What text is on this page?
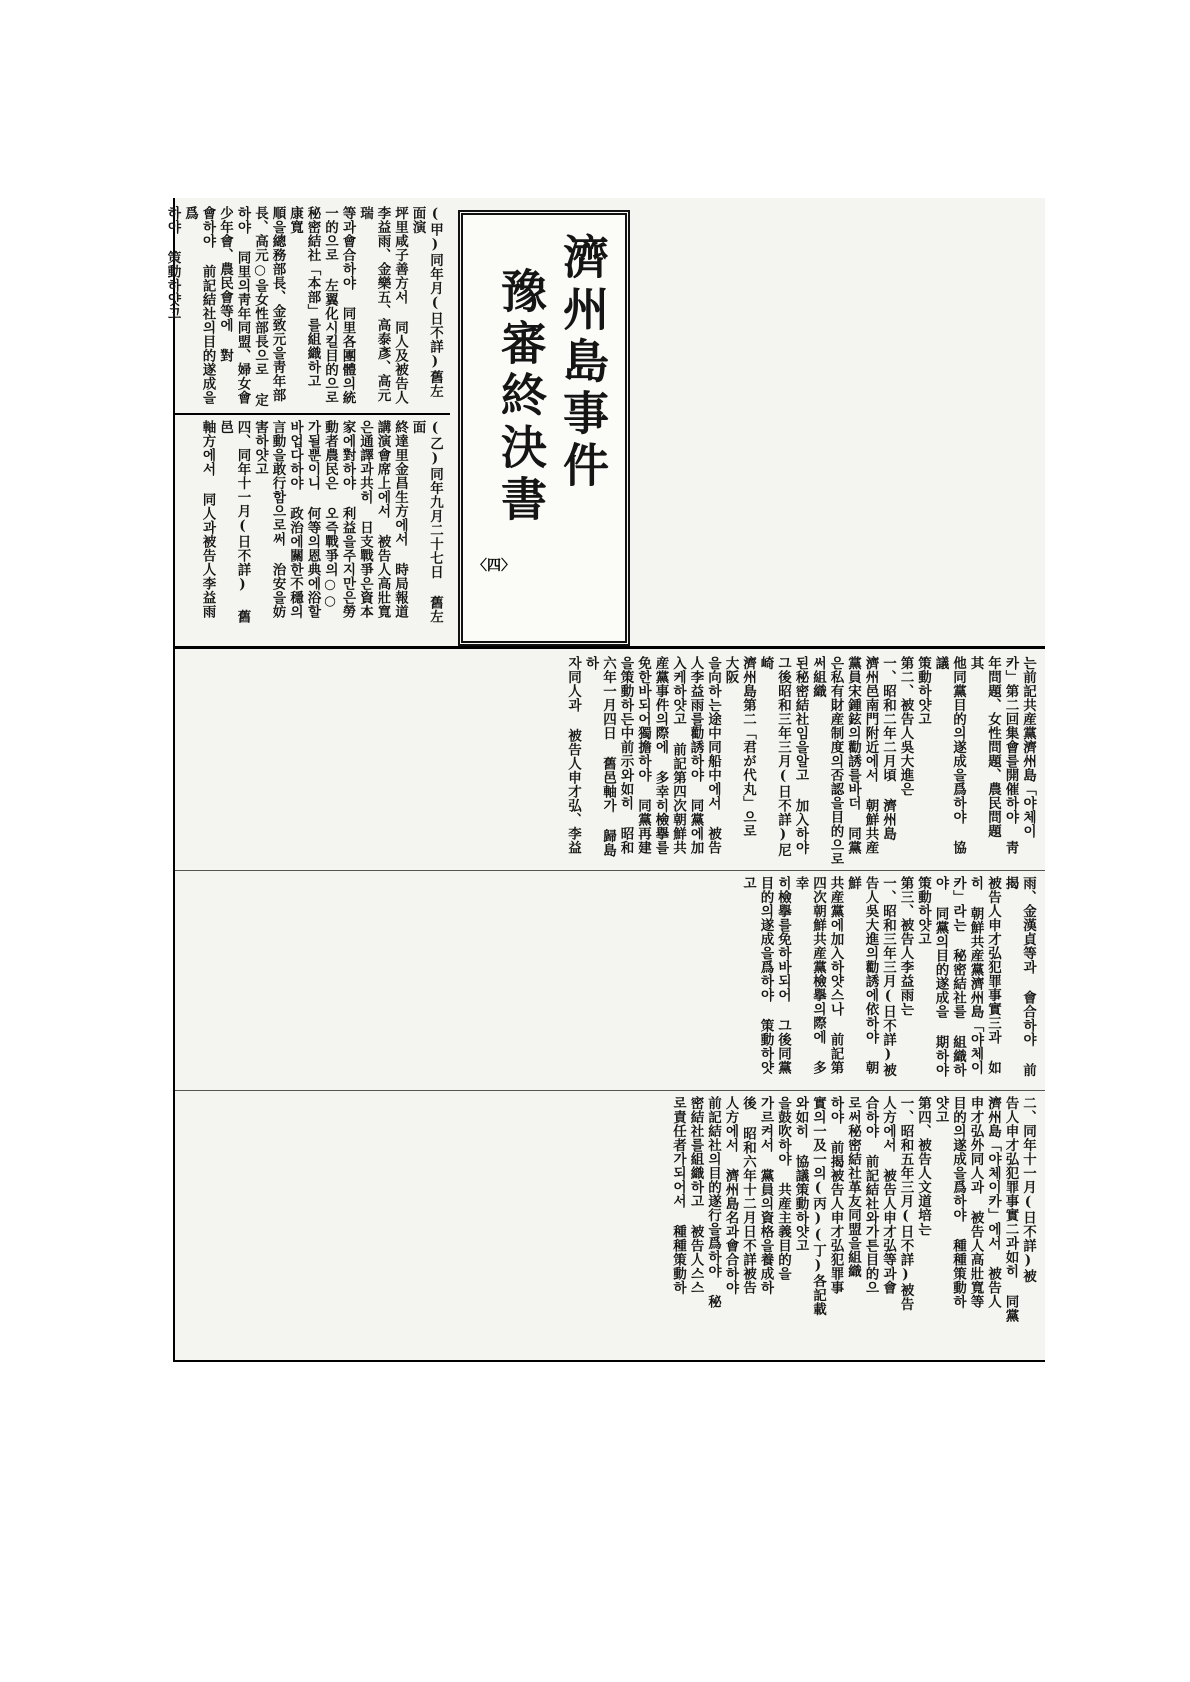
(甲)同年月(日不詳)舊左面演
坪里咸子善方서 同人及被告人
李益雨、金樂五、高泰彥、高元瑞
等과會合하야 同里各團體의統
一的으로 左翼化시킬目的으로
秘密結社「本部」를組織하고 康寬
順을總務部長、金致元을靑年部
長、高元○을女性部長으로 定
하야 同里의靑年同盟、婦女會
少年會、農民會等에 對
會하야 前記結社의目的遂成을爲
하야 策動하얏고
(乙)同年九月二十七日 舊左面
終達里金昌生方에서 時局報道
講演會席上에서 被告人高壯寬
은通譯과共히 日支戰爭은資本
家에對하야 利益을주지만은勞
動者農民은 오즉戰爭의○○
가될뿐이니 何等의恩典에浴할
바업다하야 政治에關한不穩의
言動을敢行함으로써 治安을妨
害하얏고
四、同年十一月(日不詳) 舊邑
軸方에서 同人과被告人李益雨
濟州島事件
豫審終決書
〈四〉
는前記共産黨濟州島「야체이
카」第二回集會를開催하야 靑
年問題、女性問題、農民問題 其
他同黨目的의遂成을爲하야 協議
策動하얏고
第二、被告人吳大進은
一、昭和二年二月頃 濟州島
濟州邑南門附近에서 朝鮮共産
黨員宋鍾鉉의勸誘를바더 同黨
은私有財産制度의否認을目的으로써組織
된秘密結社임을알고 加入하야
그後昭和三年三月(日不詳)尼崎
濟州島第二「君が代丸」으로 大阪
을向하는途中同船中에서 被告
人李益雨를勸誘하야 同黨에加
入케하얏고 前記第四次朝鮮共
産黨事件의際에 多幸히檢擧를
免한바되어獨擔하야 同黨再建
을策動하든中前示와如히 昭和
六年一月四日 舊邑軸가 歸島하
자同人과 被告人申才弘、李益
雨、金漢貞等과 會合하야 前揭
被告人申才弘犯罪事實三과 如
히 朝鮮共産黨濟州島「야체이
카」라는 秘密結社를 組織하
야 同黨의目的遂成을 期하야
策動하얏고
第三、被告人李益雨는
一、昭和三年三月(日不詳)被
告人吳大進의勸誘에依하야 朝鮮
共産黨에加入하얏스나 前記第
四次朝鮮共産黨檢擧의際에 多幸
히檢擧를免하바되어 그後同黨
目的의遂成을爲하야 策動하얏고
二、同年十一月(日不詳)被
告人申才弘犯罪事實二과如히 同黨
濟州島「야체이카」에서 被告人
申才弘外同人과 被告人高壯寬等
目的의遂成을爲하야 種種策動하
얏고
第四、被告人文道培는
一、昭和五年三月(日不詳)被告
人方에서 被告人申才弘等과會
合하야 前記結社와가튼目的으
로써秘密結社革友同盟을組織
하야 前揭被告人申才弘犯罪事
實의一及一의(丙)(丁)各記載
와如히 協議策動하얏고
을鼓吹하야 共産主義目的을
가르켜서 黨員의資格을養成하
後 昭和六年十二月日不詳被告
人方에서 濟州島名과會合하야
前記結社의目的遂行을爲하야 秘
密結社를組織하고 被告人스스
로責任者가되어서 種種策動하
